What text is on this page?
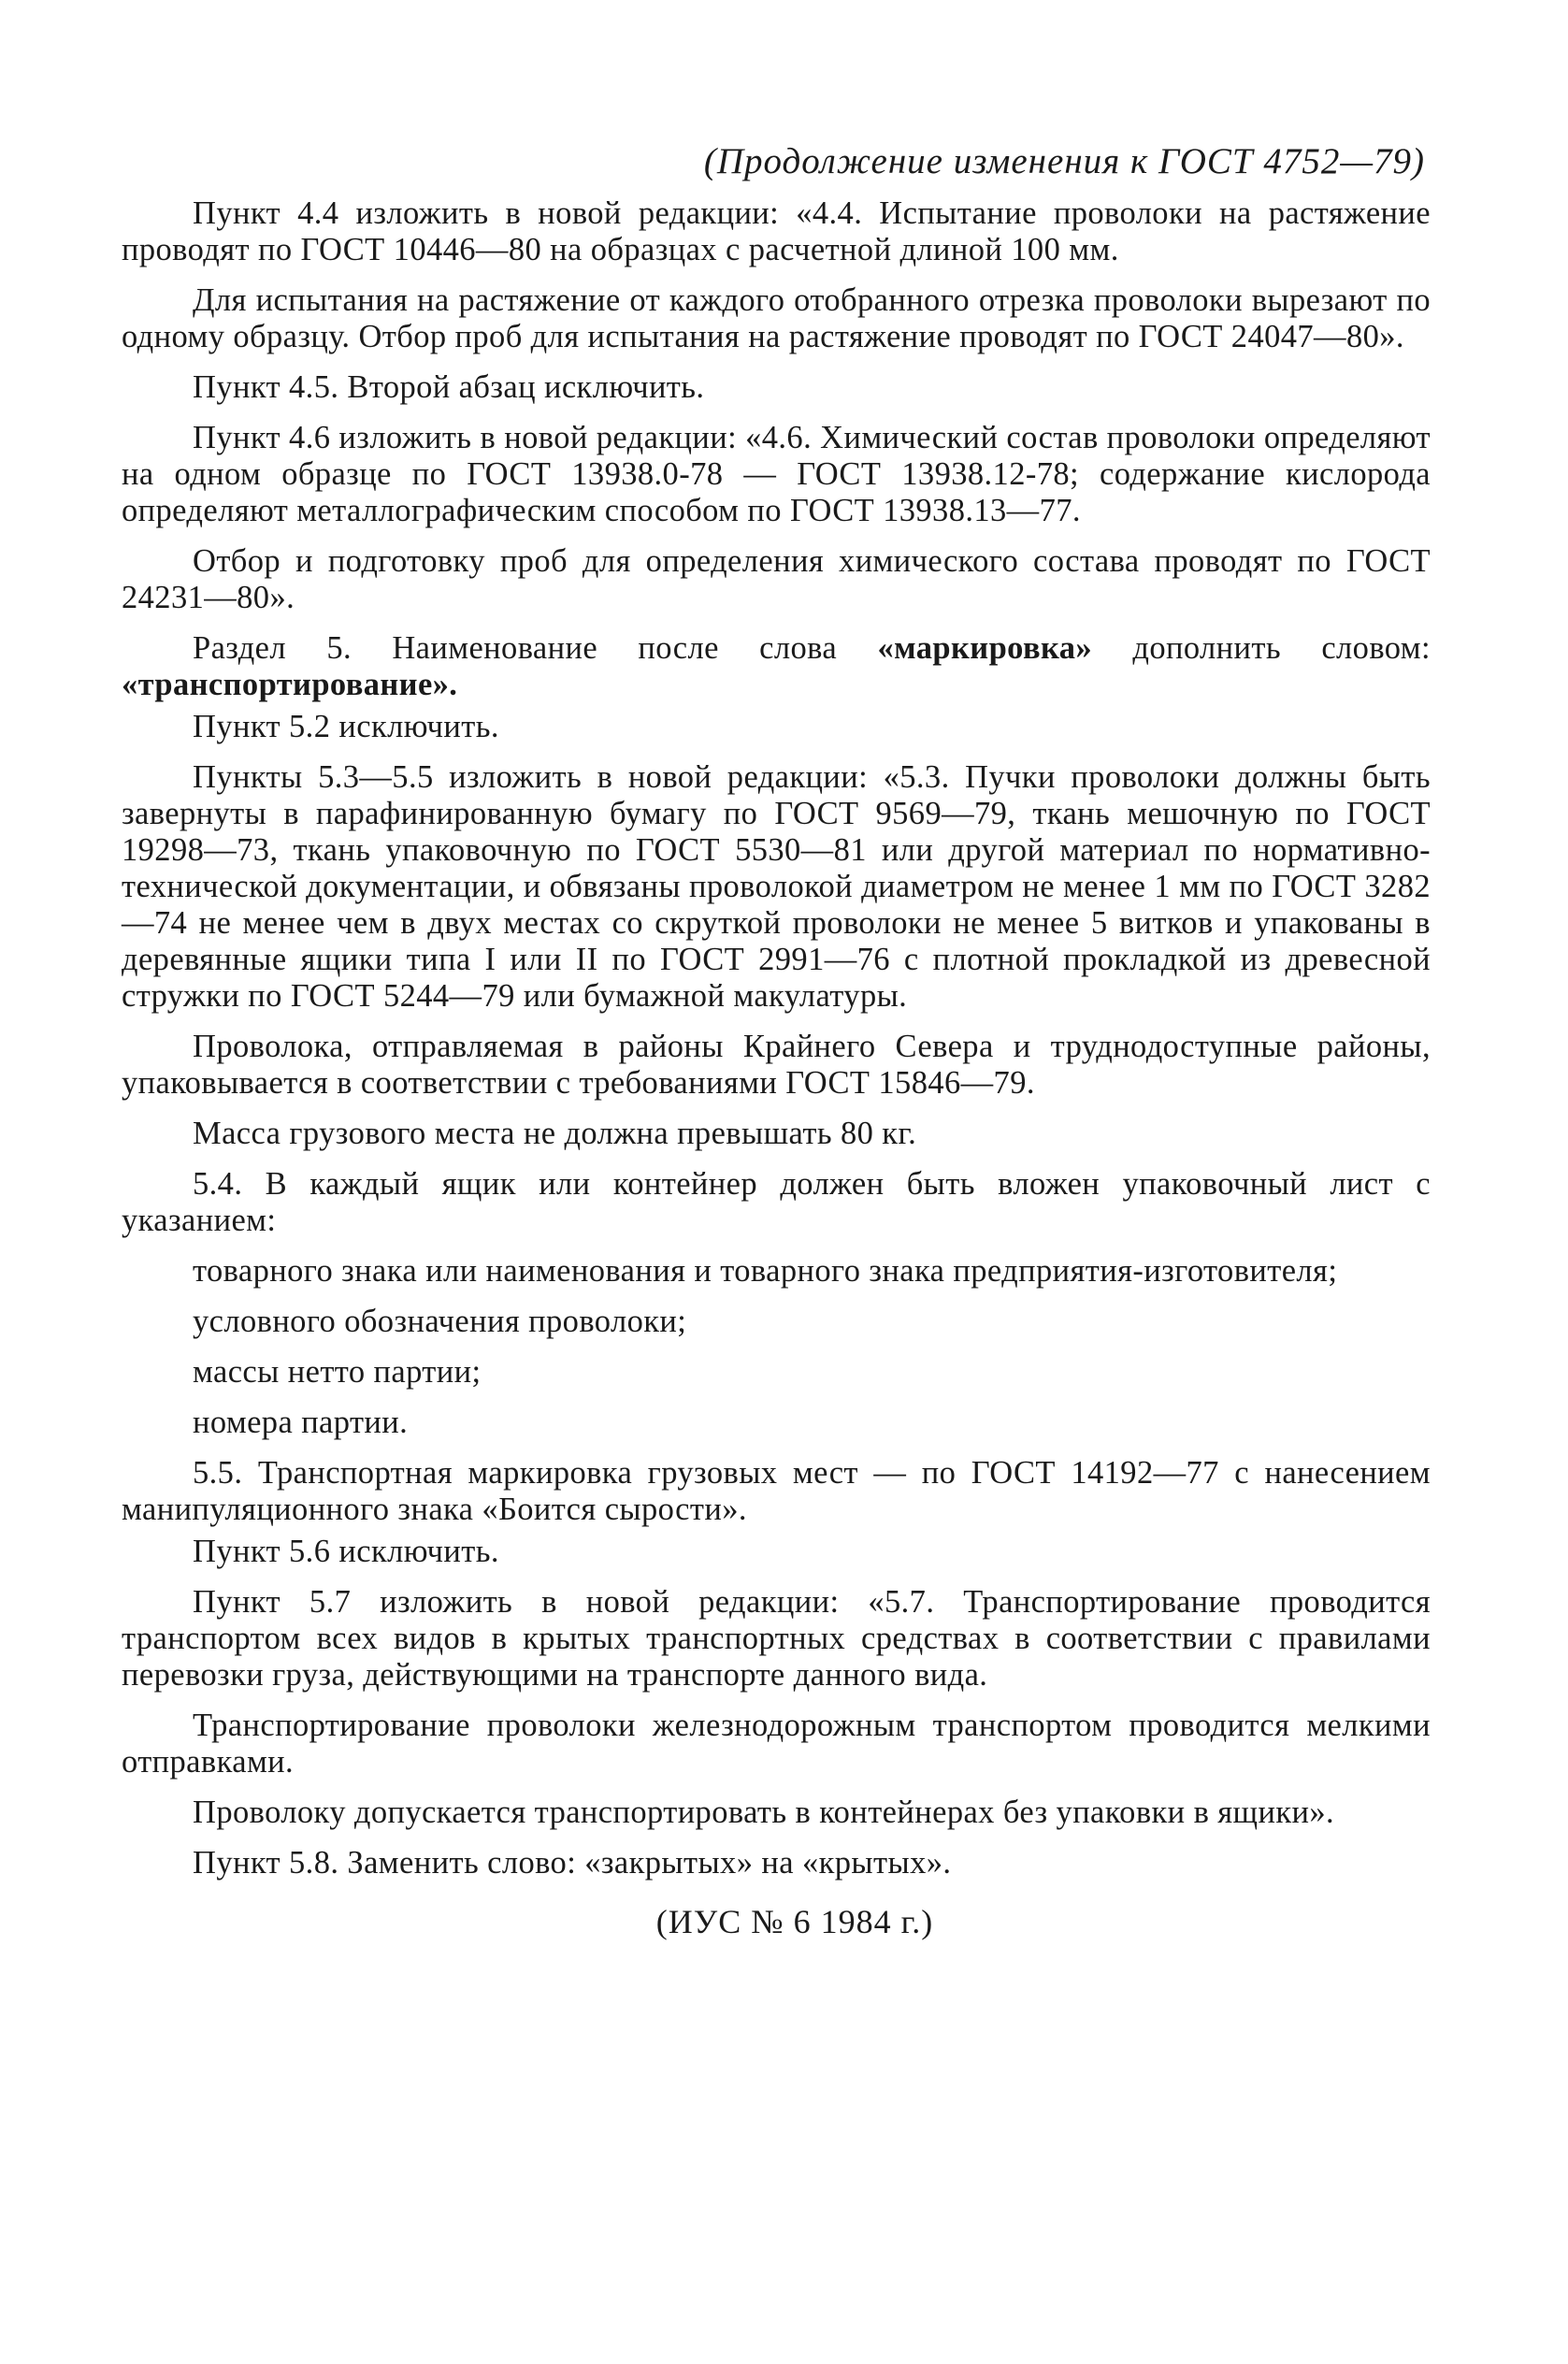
(Продолжение изменения к ГОСТ 4752—79)

Пункт 4.4 изложить в новой редакции: «4.4. Испытание проволоки на растяжение проводят по ГОСТ 10446—80 на образцах с расчетной длиной 100 мм.

Для испытания на растяжение от каждого отобранного отрезка проволоки вырезают по одному образцу. Отбор проб для испытания на растяжение проводят по ГОСТ 24047—80».

Пункт 4.5. Второй абзац исключить.

Пункт 4.6 изложить в новой редакции: «4.6. Химический состав проволоки определяют на одном образце по ГОСТ 13938.0-78 — ГОСТ 13938.12-78; содержание кислорода определяют металлографическим способом по ГОСТ 13938.13—77.

Отбор и подготовку проб для определения химического состава проводят по ГОСТ 24231—80».

Раздел 5. Наименование после слова «маркировка» дополнить словом: «транспортирование».

Пункт 5.2 исключить.

Пункты 5.3—5.5 изложить в новой редакции: «5.3. Пучки проволоки должны быть завернуты в парафинированную бумагу по ГОСТ 9569—79, ткань мешочную по ГОСТ 19298—73, ткань упаковочную по ГОСТ 5530—81 или другой материал по нормативно-технической документации, и обвязаны проволокой диаметром не менее 1 мм по ГОСТ 3282—74 не менее чем в двух местах со скруткой проволоки не менее 5 витков и упакованы в деревянные ящики типа I или II по ГОСТ 2991—76 с плотной прокладкой из древесной стружки по ГОСТ 5244—79 или бумажной макулатуры.

Проволока, отправляемая в районы Крайнего Севера и труднодоступные районы, упаковывается в соответствии с требованиями ГОСТ 15846—79.

Масса грузового места не должна превышать 80 кг.

5.4. В каждый ящик или контейнер должен быть вложен упаковочный лист с указанием:

товарного знака или наименования и товарного знака предприятия-изготовителя;

условного обозначения проволоки;

массы нетто партии;

номера партии.

5.5. Транспортная маркировка грузовых мест — по ГОСТ 14192—77 с нанесением манипуляционного знака «Боится сырости».

Пункт 5.6 исключить.

Пункт 5.7 изложить в новой редакции: «5.7. Транспортирование проводится транспортом всех видов в крытых транспортных средствах в соответствии с правилами перевозки груза, действующими на транспорте данного вида.

Транспортирование проволоки железнодорожным транспортом проводится мелкими отправками.

Проволоку допускается транспортировать в контейнерах без упаковки в ящики».

Пункт 5.8. Заменить слово: «закрытых» на «крытых».

(ИУС № 6 1984 г.)
